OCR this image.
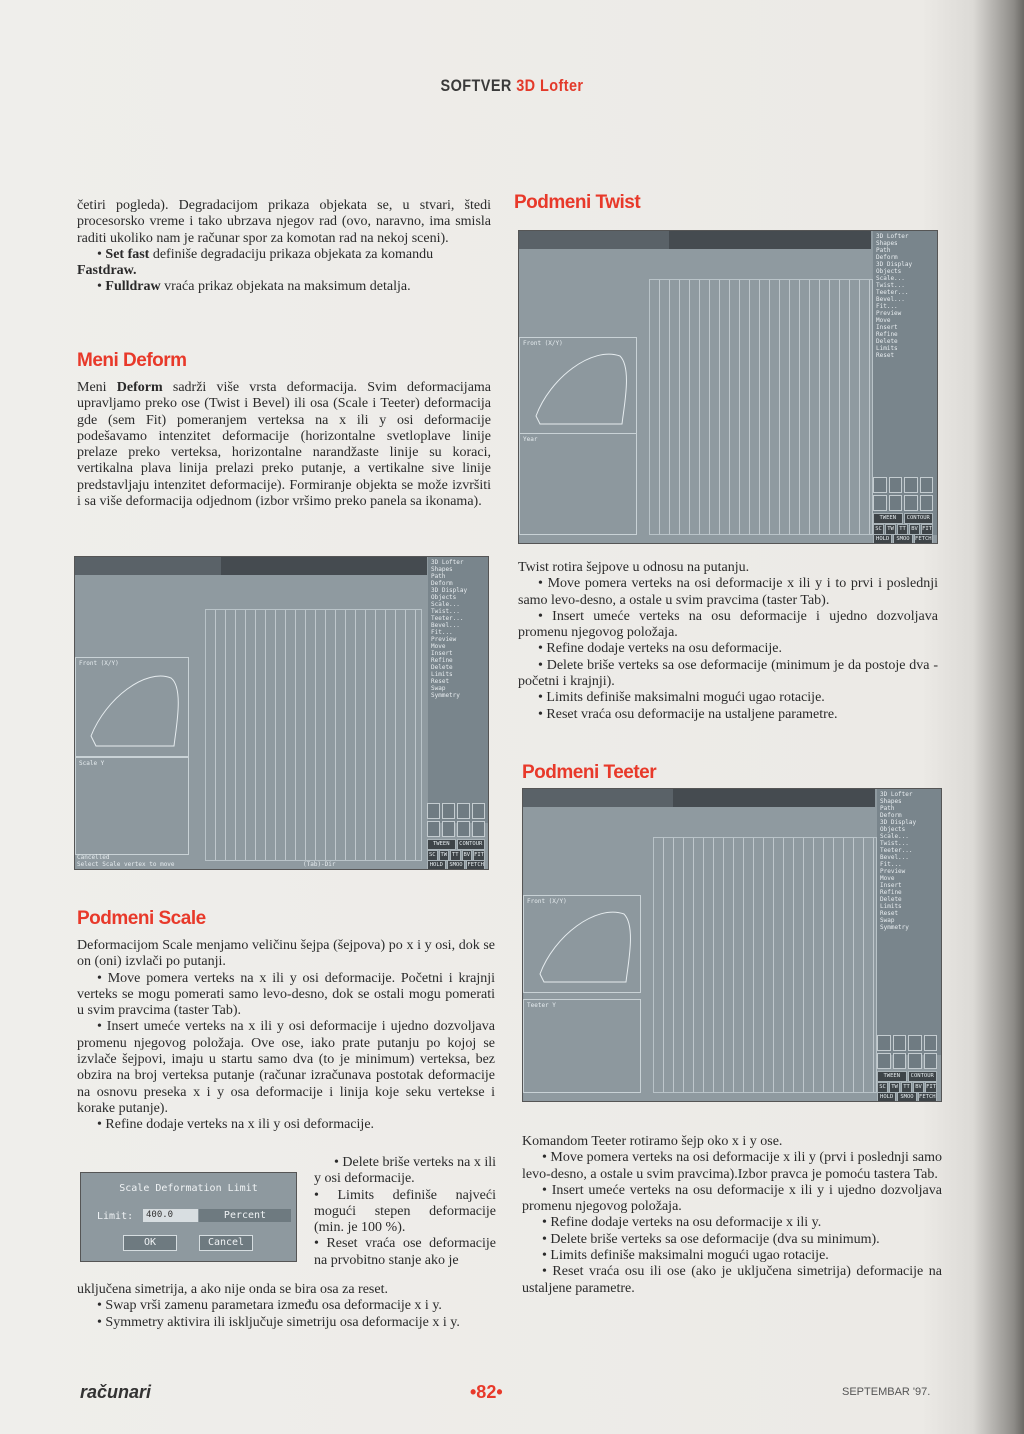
SOFTVER 3D Lofter

četiri pogleda). Degradacijom prikaza objekata se, u stvari, štedi procesorsko vreme i tako ubrzava njegov rad (ovo, naravno, ima smisla raditi ukoliko nam je računar spor za komotan rad na nekoj sceni).

• Set fast definiše degradaciju prikaza objekata za komandu

Fastdraw.

• Fulldraw vraća prikaz objekata na maksimum detalja.

Meni Deform

Meni Deform sadrži više vrsta deformacija. Svim deformacijama upravljamo preko ose (Twist i Bevel) ili osa (Scale i Teeter) deformacija gde (sem Fit) pomeranjem verteksa na x ili y osi deformacije podešavamo intenzitet deformacije (horizontalne svetloplave linije prelaze preko verteksa, horizontalne narandžaste linije su koraci, vertikalna plava linija prelazi preko putanje, a vertikalne sive linije predstavljaju intenzitet deformacije). Formiranje objekta se može izvršiti i sa više deformacija odjednom (izbor vršimo preko panela sa ikonama).

3D Lofter
Shapes
Path
Deform
3D Display
Objects
Scale...
Twist...
Teeter...
Bevel...
Fit...
Preview
Move
Insert
Refine
Delete
Limits
Reset
Swap
Symmetry
Front (X/Y)
Scale Y
TWEEN	CONTOUR
SC TW TT BV FIT
HOLD	SMOO FETCH
Cancelled
Select Scale vertex to move	(Tab)-Dir
Podmeni Scale

Deformacijom Scale menjamo veličinu šejpa (šejpova) po x i y osi, dok se on (oni) izvlači po putanji.

• Move pomera verteks na x ili y osi deformacije. Početni i krajnji verteks se mogu pomerati samo levo-desno, dok se ostali mogu pomerati u svim pravcima (taster Tab).

• Insert umeće verteks na x ili y osi deformacije i ujedno dozvoljava promenu njegovog položaja. Ove ose, iako prate putanju po kojoj se izvlače šejpovi, imaju u startu samo dva (to je minimum) verteksa, bez obzira na broj verteksa putanje (računar izračunava postotak deformacije na osnovu preseka x i y osa deformacije i linija koje seku vertekse i korake putanje).

• Refine dodaje verteks na x ili y osi deformacije.

• Delete briše verteks na x ili y osi deformacije.

• Limits definiše najveći mogući stepen deformacije (min. je 100 %).

• Reset vraća ose deformacije na prvobitno stanje ako je

uključena simetrija, a ako nije onda se bira osa za reset.

• Swap vrši zamenu parametara između osa deformacije x i y.

• Symmetry aktivira ili isključuje simetriju osa deformacije x i y.

Scale Deformation Limit
Limit:	400.0	Percent
OK	Cancel
Podmeni Twist
3D Lofter
Shapes
Path
Deform
3D Display
Objects
Scale...
Twist...
Teeter...
Bevel...
Fit...
Preview
Move
Insert
Refine
Delete
Limits
Reset
Front (X/Y)
Year
TWEEN	CONTOUR
SC TW TT BV FIT
HOLD	SMOO FETCH

Twist rotira šejpove u odnosu na putanju.

• Move pomera verteks na osi deformacije x ili y i to prvi i poslednji samo levo-desno, a ostale u svim pravcima (taster Tab).

• Insert umeće verteks na osu deformacije i ujedno dozvoljava promenu njegovog položaja.

• Refine dodaje verteks na osu deformacije.

• Delete briše verteks sa ose deformacije (minimum je da postoje dva - početni i krajnji).

• Limits definiše maksimalni mogući ugao rotacije.

• Reset vraća osu deformacije na ustaljene parametre.

Podmeni Teeter
3D Lofter
Shapes
Path
Deform
3D Display
Objects
Scale...
Twist...
Teeter...
Bevel...
Fit...
Preview
Move
Insert
Refine
Delete
Limits
Reset
Swap
Symmetry
Front (X/Y)
Teeter Y
TWEEN	CONTOUR
SC TW TT BV FIT
HOLD	SMOO FETCH

Komandom Teeter rotiramo šejp oko x i y ose.

• Move pomera verteks na osi deformacije x ili y (prvi i poslednji samo levo-desno, a ostale u svim pravcima).Izbor pravca je pomoću tastera Tab.

• Insert umeće verteks na osu deformacije x ili y i ujedno dozvoljava promenu njegovog položaja.

• Refine dodaje verteks na osu deformacije x ili y.

• Delete briše verteks sa ose deformacije (dva su minimum).

• Limits definiše maksimalni mogući ugao rotacije.

• Reset vraća osu ili ose (ako je uključena simetrija) deformacije na ustaljene parametre.

računari	•82•	SEPTEMBAR '97.
